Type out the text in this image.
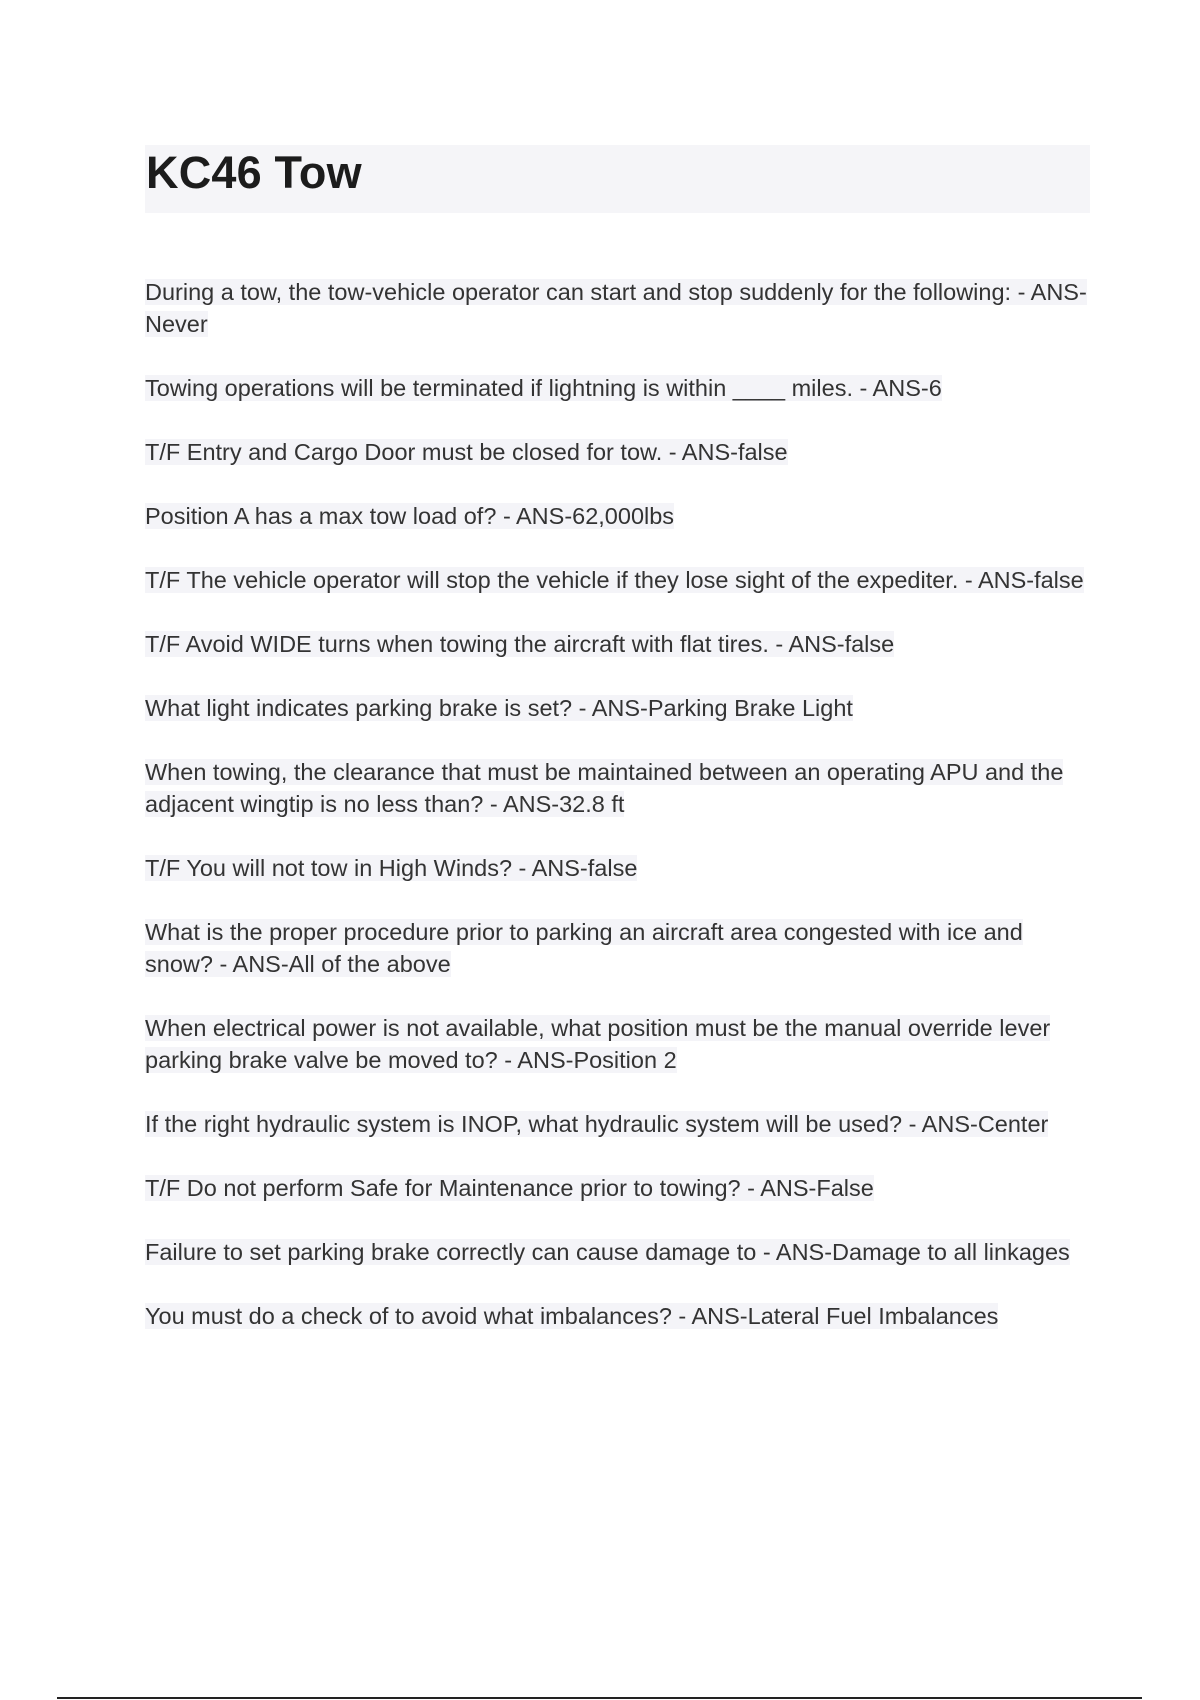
KC46 Tow
During a tow, the tow-vehicle operator can start and stop suddenly for the following: - ANS-Never
Towing operations will be terminated if lightning is within ____ miles. - ANS-6
T/F Entry and Cargo Door must be closed for tow. - ANS-false
Position A has a max tow load of? - ANS-62,000lbs
T/F The vehicle operator will stop the vehicle if they lose sight of the expediter. - ANS-false
T/F Avoid WIDE turns when towing the aircraft with flat tires. - ANS-false
What light indicates parking brake is set? - ANS-Parking Brake Light
When towing, the clearance that must be maintained between an operating APU and the adjacent wingtip is no less than? - ANS-32.8 ft
T/F You will not tow in High Winds? - ANS-false
What is the proper procedure prior to parking an aircraft area congested with ice and snow? - ANS-All of the above
When electrical power is not available, what position must be the manual override lever parking brake valve be moved to? - ANS-Position 2
If the right hydraulic system is INOP, what hydraulic system will be used? - ANS-Center
T/F Do not perform Safe for Maintenance prior to towing? - ANS-False
Failure to set parking brake correctly can cause damage to - ANS-Damage to all linkages
You must do a check of to avoid what imbalances? - ANS-Lateral Fuel Imbalances
